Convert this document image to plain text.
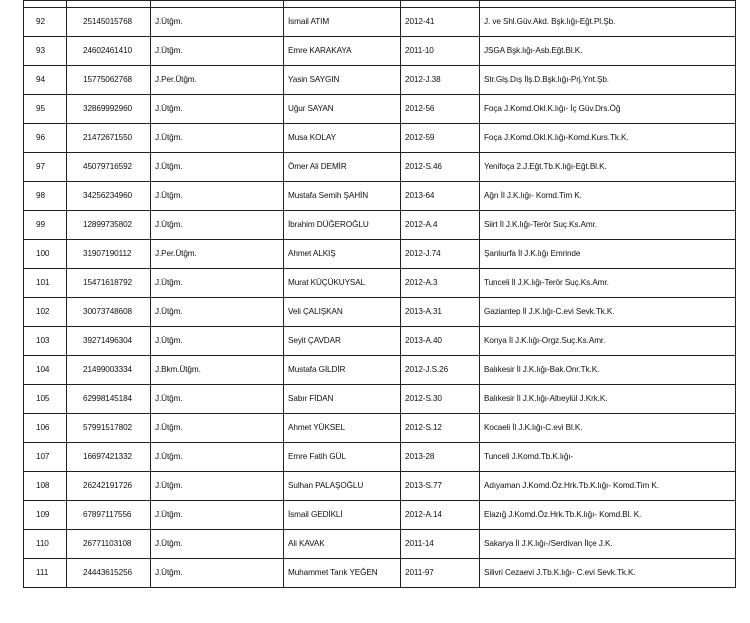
92	25145015768	J.Ütğm.	İsmail ATIM	2012-41	J. ve Shl.Güv.Akd. Bşk.lığı-Eğt.Pl.Şb.
93	24602461410	J.Ütğm.	Emre KARAKAYA	2011-10	JSGA Bşk.lığı-Asb.Eğt.Bl.K.
94	15775062768	J.Per.Ütğm.	Yasin SAYGIN	2012-J.38	Str.Glş.Dış İlş.D.Bşk.lığı-Prj.Ynt.Şb.
95	32869992960	J.Ütğm.	Uğur SAYAN	2012-56	Foça J.Komd.Okl.K.lığı- İç Güv.Drs.Öğ
96	21472671550	J.Ütğm.	Musa KOLAY	2012-59	Foça J.Komd.Okl.K.lığı-Komd.Kurs.Tk.K.
97	45079716592	J.Ütğm.	Ömer Ali DEMİR	2012-S.46	Yenifoça 2.J.Eğt.Tb.K.lığı-Eğt.Bl.K.
98	34256234960	J.Ütğm.	Mustafa Semih ŞAHİN	2013-64	Ağrı İl J.K.lığı- Komd.Tim K.
99	12899735802	J.Ütğm.	İbrahim DÜĞEROĞLU	2012-A.4	Siirt İl J.K.lığı-Terör Suç.Ks.Amr.
100	31907190112	J.Per.Ütğm.	Ahmet ALKIŞ	2012-J.74	Şanlıurfa İl J.K.lığı Emrinde
101	15471618792	J.Ütğm.	Murat KÜÇÜKUYSAL	2012-A.3	Tunceli İl J.K.lığı-Terör Suç.Ks.Amr.
102	30073748608	J.Ütğm.	Veli ÇALIŞKAN	2013-A.31	Gaziantep İl J.K.lığı-C.evi Sevk.Tk.K.
103	39271496304	J.Ütğm.	Seyit ÇAVDAR	2013-A.40	Konya İl J.K.lığı-Orgz.Suç.Ks.Amr.
104	21499003334	J.Bkm.Ütğm.	Mustafa GİLDİR	2012-J.S.26	Balıkesir İl J.K.lığı-Bak.Onr.Tk.K.
105	62998145184	J.Ütğm.	Sabır FİDAN	2012-S.30	Balıkesir İl J.K.lığı-Altıeylül J.Krk.K.
106	57991517802	J.Ütğm.	Ahmet YÜKSEL	2012-S.12	Kocaeli İl J.K.lığı-C.evi Bl.K.
107	16697421332	J.Ütğm.	Emre Fatih GÜL	2013-28	Tunceli J.Komd.Tb.K.lığı-
108	26242191726	J.Ütğm.	Sulhan PALAŞOĞLU	2013-S.77	Adıyaman J.Komd.Öz.Hrk.Tb.K.lığı- Komd.Tim K.
109	67897117556	J.Ütğm.	İsmail GEDİKLİ	2012-A.14	Elazığ J.Komd.Öz.Hrk.Tb.K.lığı- Komd.Bl. K.
110	26771103108	J.Ütğm.	Ali KAVAK	2011-14	Sakarya İl J.K.lığı-/Serdivan İlçe J.K.
111	24443615256	J.Ütğm.	Muhammet Tarık YEĞEN	2011-97	Silivri Cezaevi J.Tb.K.lığı- C.evi Sevk.Tk.K.
